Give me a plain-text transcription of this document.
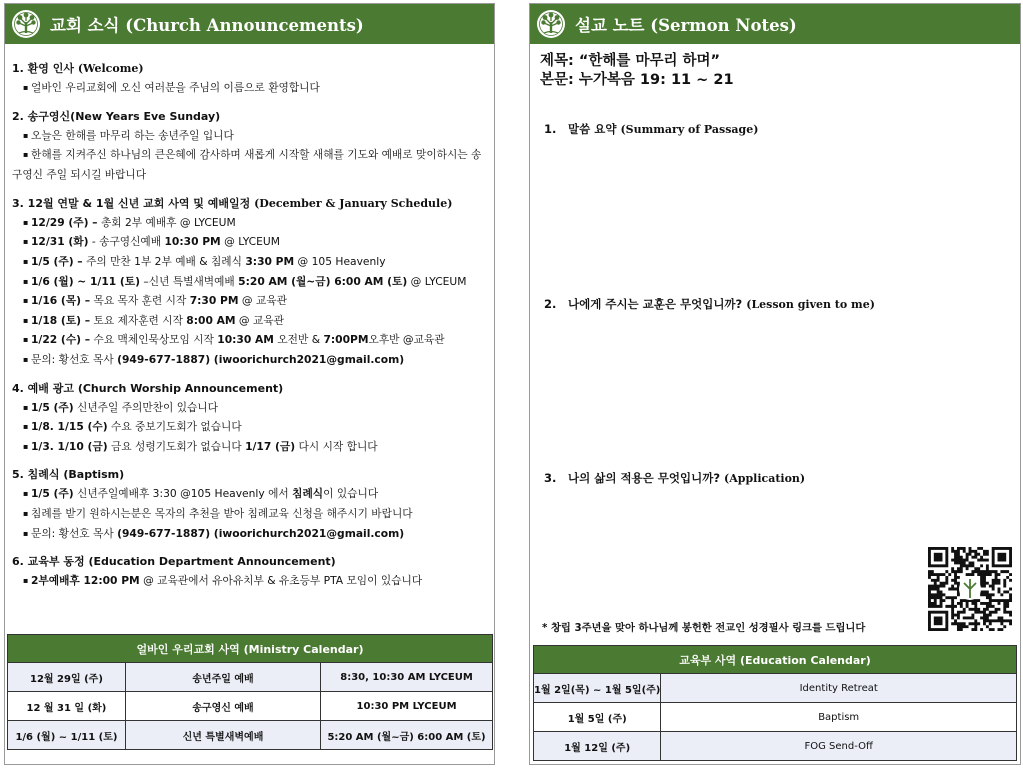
교회 소식 (Church Announcements)
1. 환영 인사 (Welcome)
▪ 얼바인 우리교회에 오신 여러분을 주님의 이름으로 환영합니다
2. 송구영신(New Years Eve Sunday)
▪ 오늘은 한해를 마무리 하는 송년주일 입니다
▪ 한해를 지켜주신 하나님의 큰은혜에 감사하며 새롭게 시작할 새해를 기도와 예배로 맞이하시는 송구영신 주일 되시길 바랍니다
3. 12월 연말 & 1월 신년 교회 사역 및 예배일정 (December & January Schedule)
▪ 12/29 (주) – 총회 2부 예배후 @ LYCEUM
▪ 12/31 (화) - 송구영신예배 10:30 PM @ LYCEUM
▪ 1/5 (주) – 주의 만찬 1부 2부 예배 & 침례식 3:30 PM @ 105 Heavenly
▪ 1/6 (월) ~ 1/11 (토) –신년 특별새벽예배 5:20 AM (월~금) 6:00 AM (토) @ LYCEUM
▪ 1/16 (목) – 목요 목자 훈련 시작 7:30 PM @ 교육관
▪ 1/18 (토) – 토요 제자훈련 시작 8:00 AM @ 교육관
▪ 1/22 (수) – 수요 맥체인묵상모임 시작 10:30 AM 오전반 & 7:00PM오후반 @교육관
▪ 문의: 황선호 목사 (949-677-1887) (iwoorichurch2021@gmail.com)
4. 예배 광고 (Church Worship Announcement)
▪ 1/5 (주) 신년주일 주의만찬이 있습니다
▪ 1/8. 1/15 (수) 수요 중보기도회가 없습니다
▪ 1/3. 1/10 (금) 금요 성령기도회가 없습니다 1/17 (금) 다시 시작 합니다
5. 침례식 (Baptism)
▪ 1/5 (주) 신년주일예배후 3:30 @105 Heavenly 에서 침례식이 있습니다
▪ 침례를 받기 원하시는분은 목자의 추천을 받아 침례교육 신청을 해주시기 바랍니다
▪ 문의: 황선호 목사 (949-677-1887) (iwoorichurch2021@gmail.com)
6. 교육부 동정 (Education Department Announcement)
▪ 2부예배후 12:00 PM @ 교육관에서 유아유치부 & 유초등부 PTA 모임이 있습니다
얼바인 우리교회 사역 (Ministry Calendar)		
12월 29일 (주)	송년주일 예배	8:30, 10:30 AM LYCEUM
12 월 31 일 (화)	송구영신 예배	10:30 PM LYCEUM
1/6 (월) ~ 1/11 (토)	신년 특별새벽예배	5:20 AM (월~금) 6:00 AM (토)
설교 노트 (Sermon Notes)
제목: “한해를 마무리 하며”
본문: 누가복음 19: 11 ~ 21
1. 말씀 요약 (Summary of Passage)
2. 나에게 주시는 교훈은 무엇입니까? (Lesson given to me)
3. 나의 삶의 적용은 무엇입니까? (Application)
* 창립 3주년을 맞아 하나님께 봉헌한 전교인 성경필사 링크를 드립니다
교육부 사역 (Education Calendar)	
1월 2일(목) ~ 1월 5일(주)	Identity Retreat
1월 5일 (주)	Baptism
1월 12일 (주)	FOG Send-Off
